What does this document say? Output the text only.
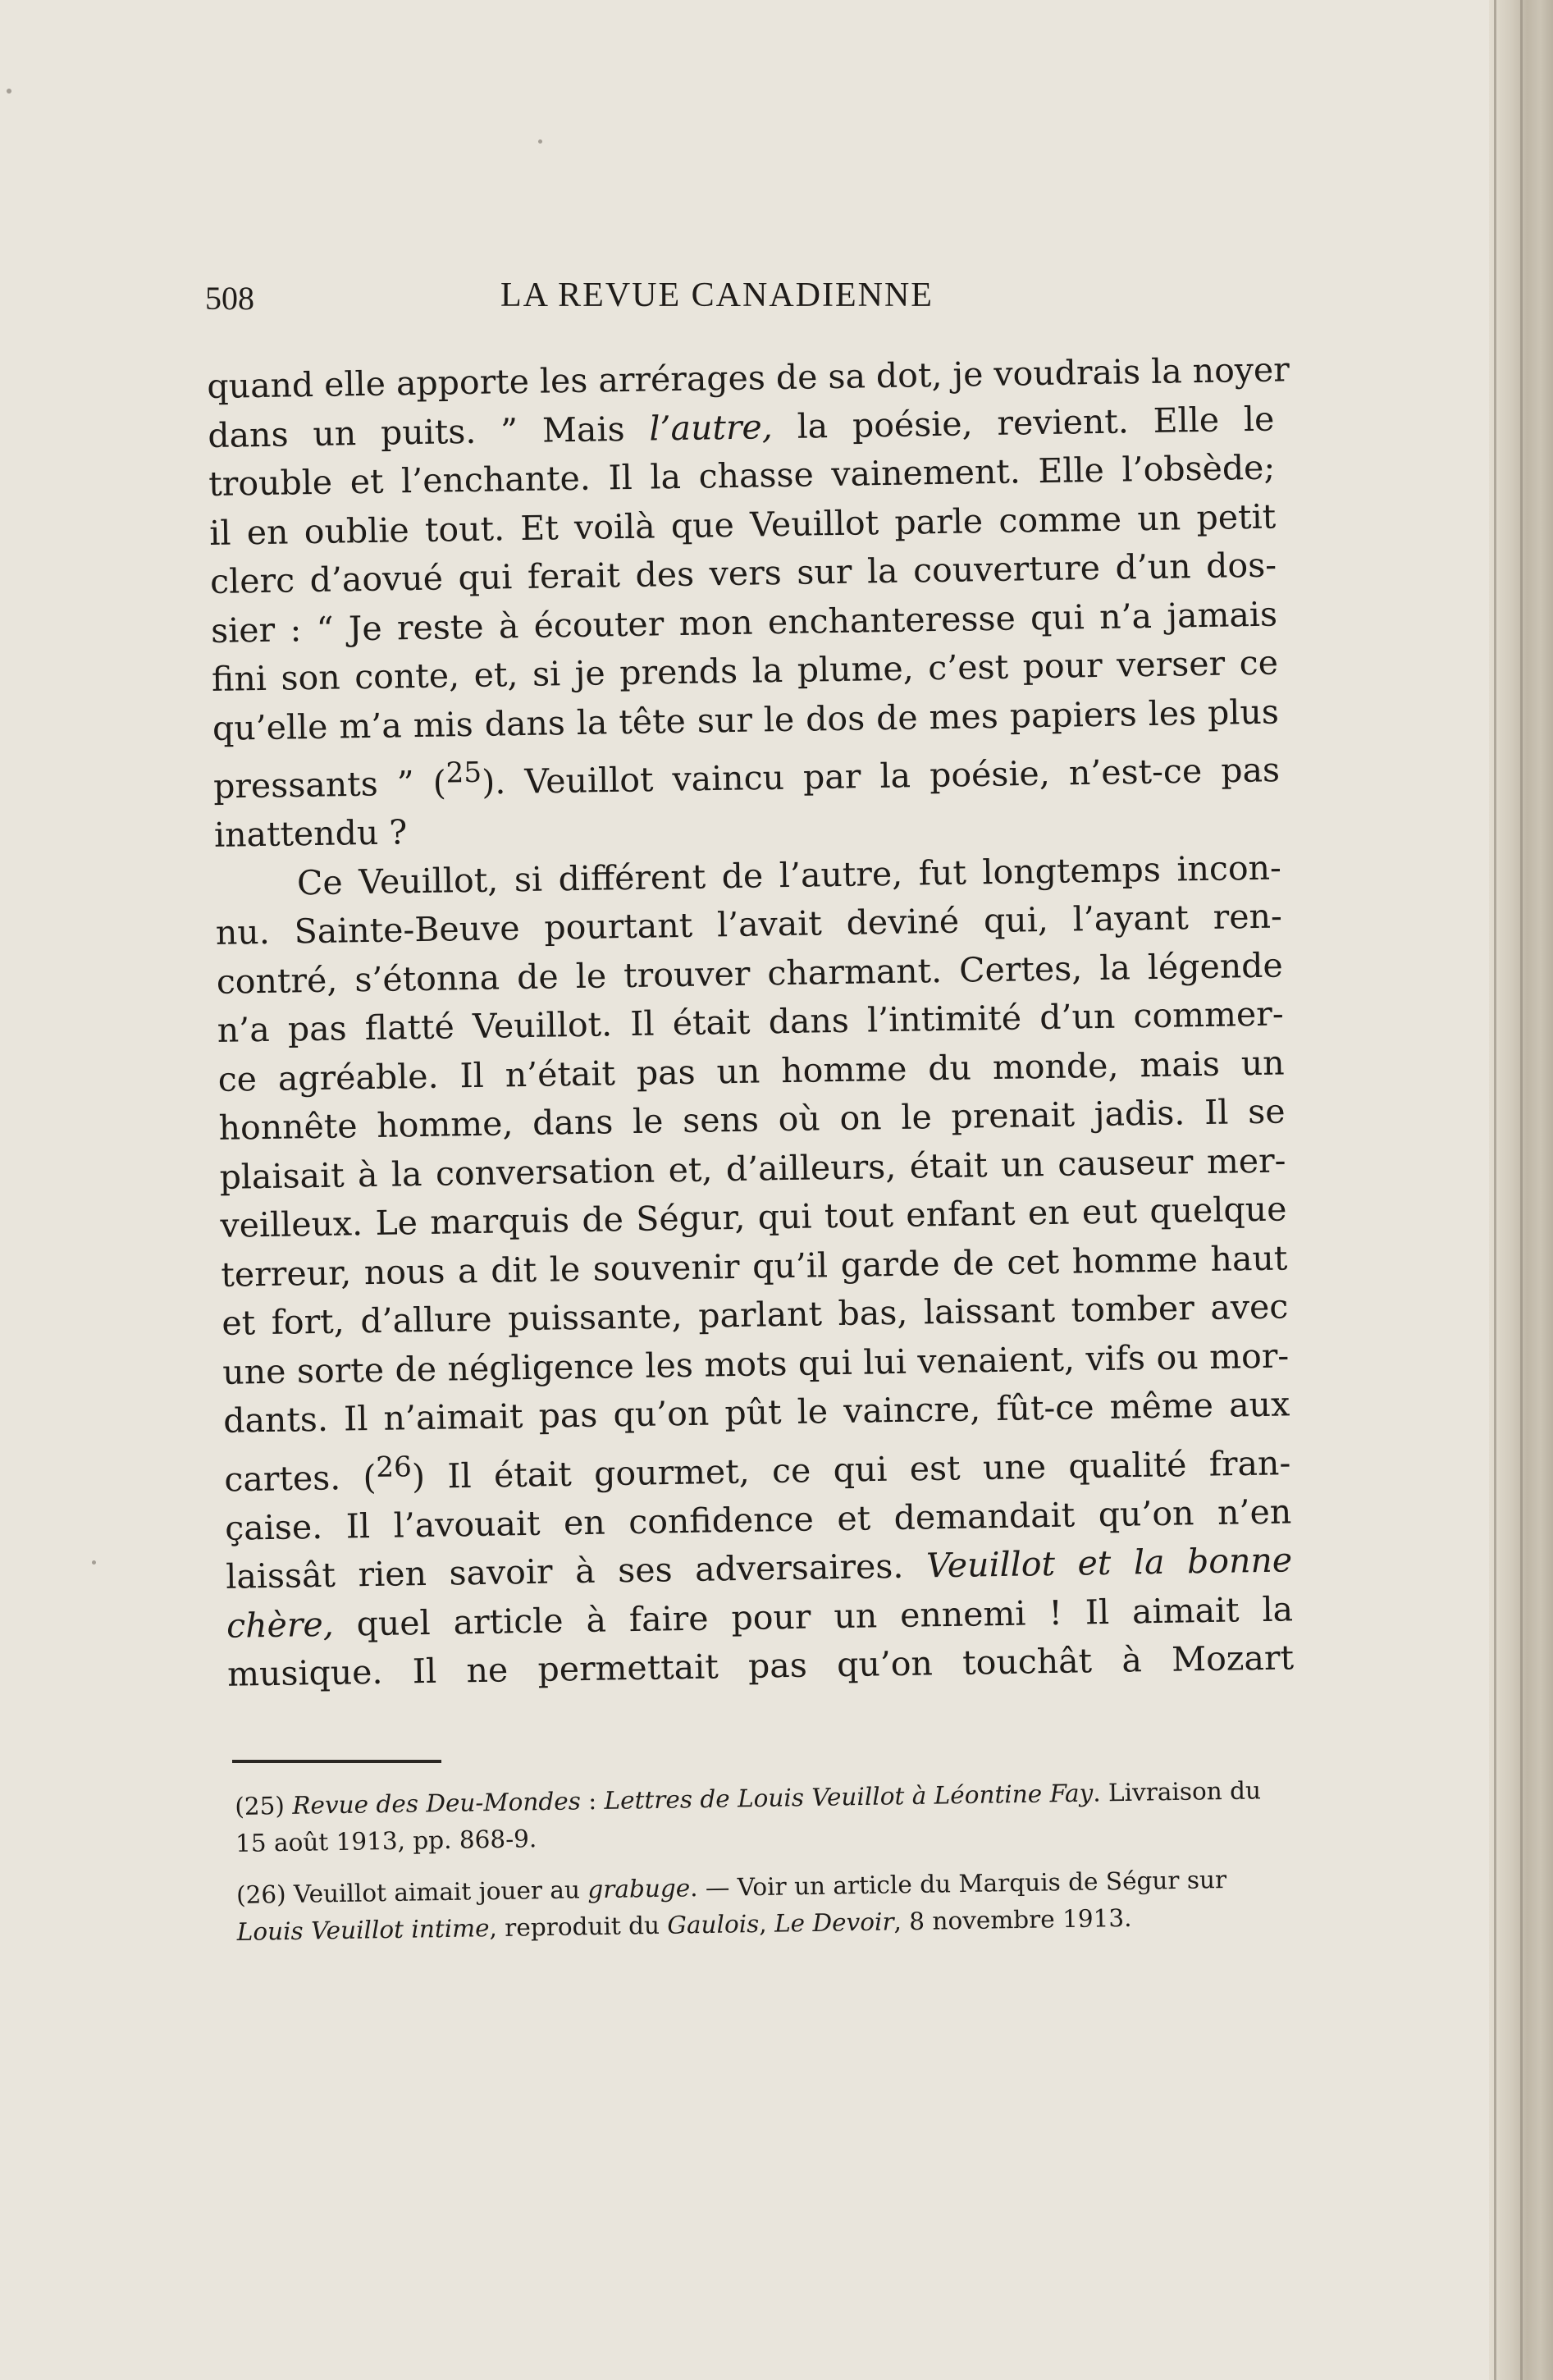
508	LA REVUE CANADIENNE

quand elle apporte les arrérages de sa dot, je voudrais la noyer
dans un puits. ” Mais l’autre, la poésie, revient. Elle le
trouble et l’enchante. Il la chasse vainement. Elle l’obsède;
il en oublie tout. Et voilà que Veuillot parle comme un petit
clerc d’aovué qui ferait des vers sur la couverture d’un dos-
sier : “ Je reste à écouter mon enchanteresse qui n’a jamais
fini son conte, et, si je prends la plume, c’est pour verser ce
qu’elle m’a mis dans la tête sur le dos de mes papiers les plus
pressants ” ($^{25}$). Veuillot vaincu par la poésie, n’est-ce pas
inattendu ?

Ce Veuillot, si différent de l’autre, fut longtemps incon-
nu. Sainte-Beuve pourtant l’avait deviné qui, l’ayant ren-
contré, s’étonna de le trouver charmant. Certes, la légende
n’a pas flatté Veuillot. Il était dans l’intimité d’un commer-
ce agréable. Il n’était pas un homme du monde, mais un
honnête homme, dans le sens où on le prenait jadis. Il se
plaisait à la conversation et, d’ailleurs, était un causeur mer-
veilleux. Le marquis de Ségur, qui tout enfant en eut quelque
terreur, nous a dit le souvenir qu’il garde de cet homme haut
et fort, d’allure puissante, parlant bas, laissant tomber avec
une sorte de négligence les mots qui lui venaient, vifs ou mor-
dants. Il n’aimait pas qu’on pût le vaincre, fût-ce même aux
cartes. ($^{26}$) Il était gourmet, ce qui est une qualité fran-
çaise. Il l’avouait en confidence et demandait qu’on n’en
laissât rien savoir à ses adversaires. Veuillot et la bonne
chère, quel article à faire pour un ennemi ! Il aimait la
musique. Il ne permettait pas qu’on touchât à Mozart

(25) Revue des Deu-Mondes : Lettres de Louis Veuillot à Léontine Fay. Livraison du 15 août 1913, pp. 868-9.

(26) Veuillot aimait jouer au grabuge. — Voir un article du Marquis de Ségur sur Louis Veuillot intime, reproduit du Gaulois, Le Devoir, 8 novembre 1913.
